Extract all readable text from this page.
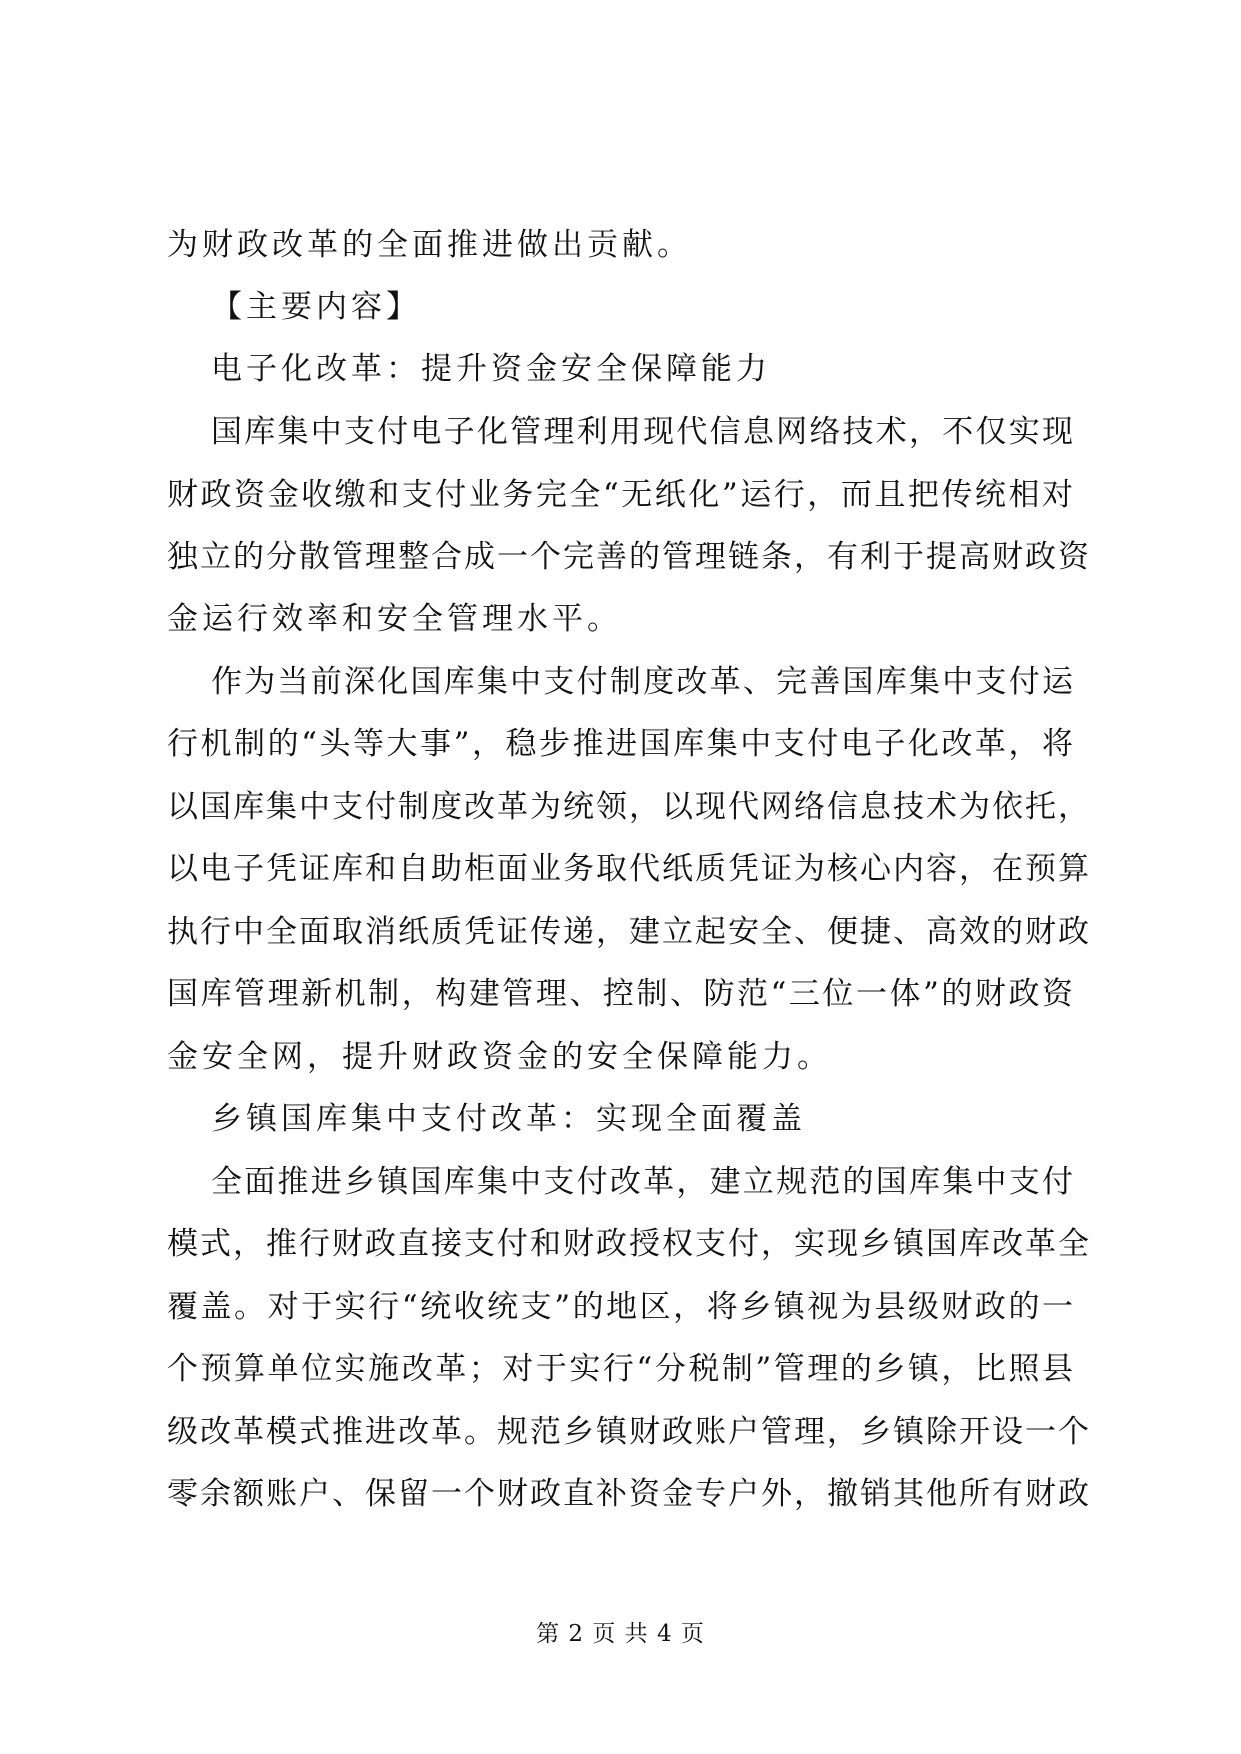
为财政改革的全面推进做出贡献。
【主要内容】
电子化改革：提升资金安全保障能力
国库集中支付电子化管理利用现代信息网络技术，不仅实现
财政资金收缴和支付业务完全“无纸化”运行，而且把传统相对
独立的分散管理整合成一个完善的管理链条，有利于提高财政资
金运行效率和安全管理水平。
作为当前深化国库集中支付制度改革、完善国库集中支付运
行机制的“头等大事”，稳步推进国库集中支付电子化改革，将
以国库集中支付制度改革为统领，以现代网络信息技术为依托，
以电子凭证库和自助柜面业务取代纸质凭证为核心内容，在预算
执行中全面取消纸质凭证传递，建立起安全、便捷、高效的财政
国库管理新机制，构建管理、控制、防范“三位一体”的财政资
金安全网，提升财政资金的安全保障能力。
乡镇国库集中支付改革：实现全面覆盖
全面推进乡镇国库集中支付改革，建立规范的国库集中支付
模式，推行财政直接支付和财政授权支付，实现乡镇国库改革全
覆盖。对于实行“统收统支”的地区，将乡镇视为县级财政的一
个预算单位实施改革；对于实行“分税制”管理的乡镇，比照县
级改革模式推进改革。规范乡镇财政账户管理，乡镇除开设一个
零余额账户、保留一个财政直补资金专户外，撤销其他所有财政
第 2 页 共 4 页
